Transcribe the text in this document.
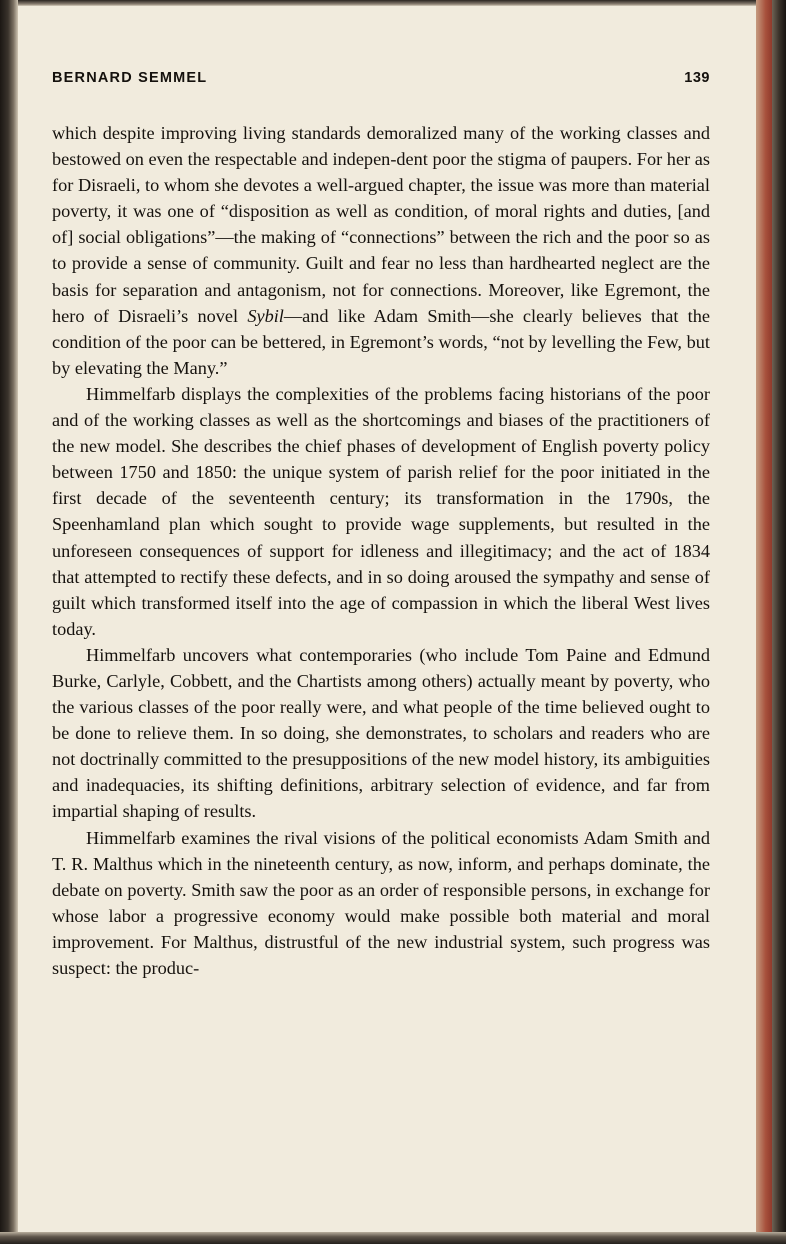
BERNARD SEMMEL	139

which despite improving living standards demoralized many of the working classes and bestowed on even the respectable and indepen-dent poor the stigma of paupers. For her as for Disraeli, to whom she devotes a well-argued chapter, the issue was more than material poverty, it was one of “disposition as well as condition, of moral rights and duties, [and of] social obligations”—the making of “connections” between the rich and the poor so as to provide a sense of community. Guilt and fear no less than hardhearted neglect are the basis for separation and antagonism, not for connections. Moreover, like Egremont, the hero of Disraeli’s novel Sybil—and like Adam Smith—she clearly believes that the condition of the poor can be bettered, in Egremont’s words, “not by levelling the Few, but by elevating the Many.”

Himmelfarb displays the complexities of the problems facing historians of the poor and of the working classes as well as the shortcomings and biases of the practitioners of the new model. She describes the chief phases of development of English poverty policy between 1750 and 1850: the unique system of parish relief for the poor initiated in the first decade of the seventeenth century; its transformation in the 1790s, the Speenhamland plan which sought to provide wage supplements, but resulted in the unforeseen consequences of support for idleness and illegitimacy; and the act of 1834 that attempted to rectify these defects, and in so doing aroused the sympathy and sense of guilt which transformed itself into the age of compassion in which the liberal West lives today.

Himmelfarb uncovers what contemporaries (who include Tom Paine and Edmund Burke, Carlyle, Cobbett, and the Chartists among others) actually meant by poverty, who the various classes of the poor really were, and what people of the time believed ought to be done to relieve them. In so doing, she demonstrates, to scholars and readers who are not doctrinally committed to the presuppositions of the new model history, its ambiguities and inadequacies, its shifting definitions, arbitrary selection of evidence, and far from impartial shaping of results.

Himmelfarb examines the rival visions of the political economists Adam Smith and T. R. Malthus which in the nineteenth century, as now, inform, and perhaps dominate, the debate on poverty. Smith saw the poor as an order of responsible persons, in exchange for whose labor a progressive economy would make possible both material and moral improvement. For Malthus, distrustful of the new industrial system, such progress was suspect: the produc-
